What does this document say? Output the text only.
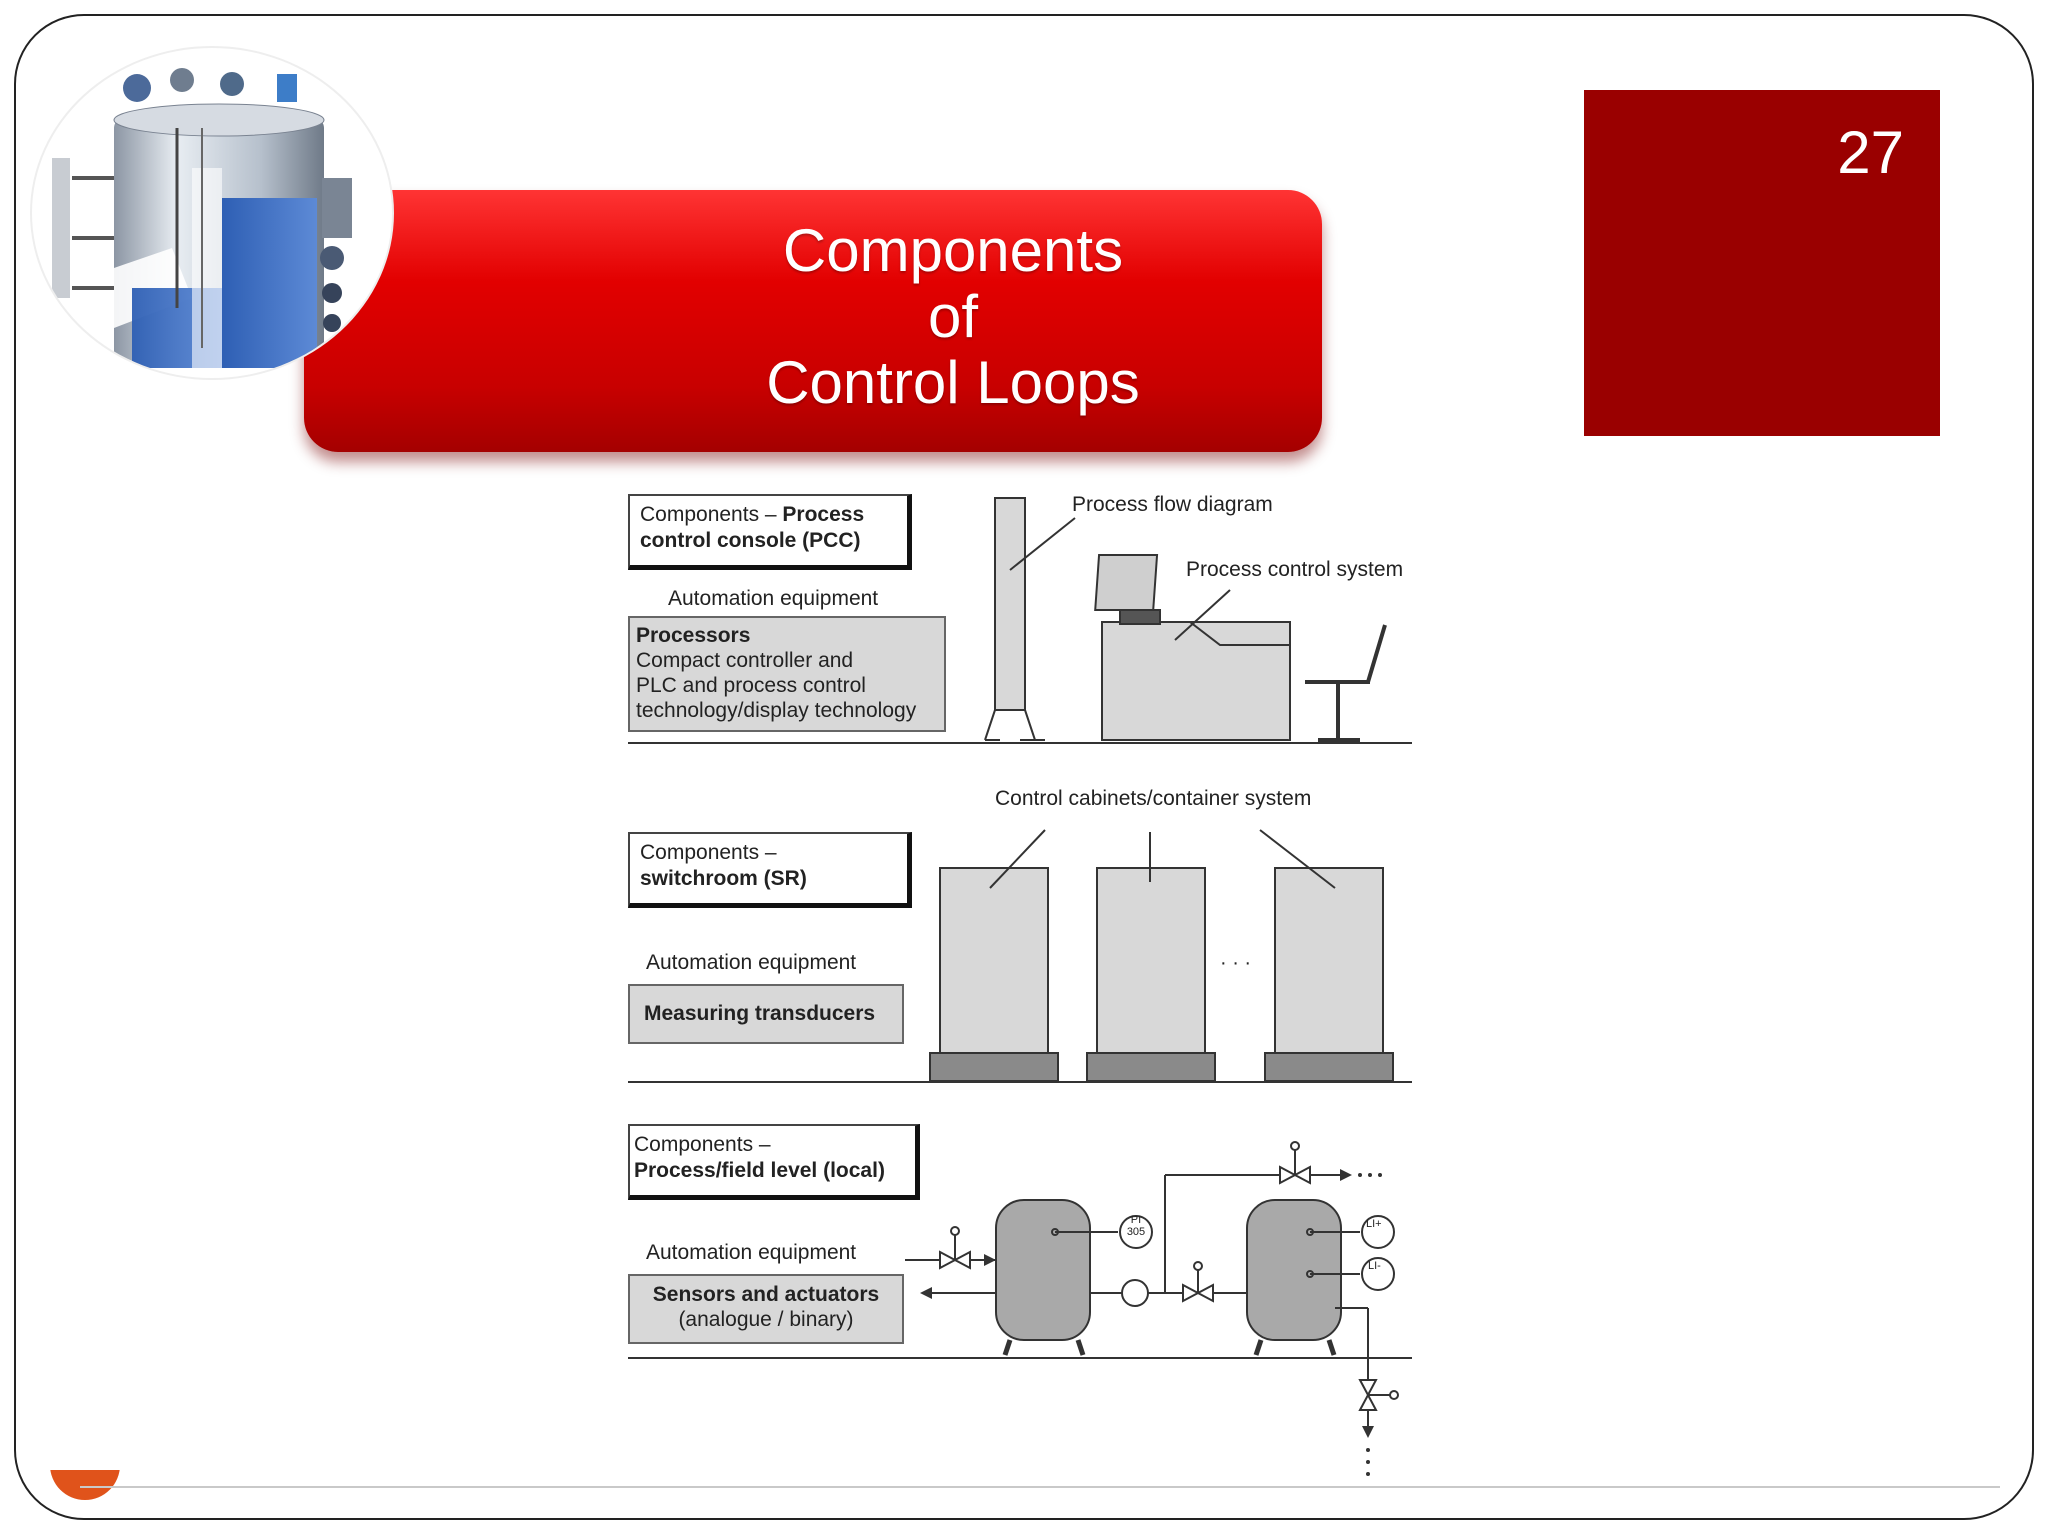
Components
of
Control Loops
27
Components – Process
control console (PCC)
Automation equipment
Processors
Compact controller and
PLC and process control
technology/display technology
Process flow diagram
Process control system
Control cabinets/container system
Components –
switchroom (SR)
Automation equipment
Measuring transducers
· · ·
Components –
Process/field level (local)
Automation equipment
Sensors and actuators
(analogue / binary)
PI
305
LI+
LI-
